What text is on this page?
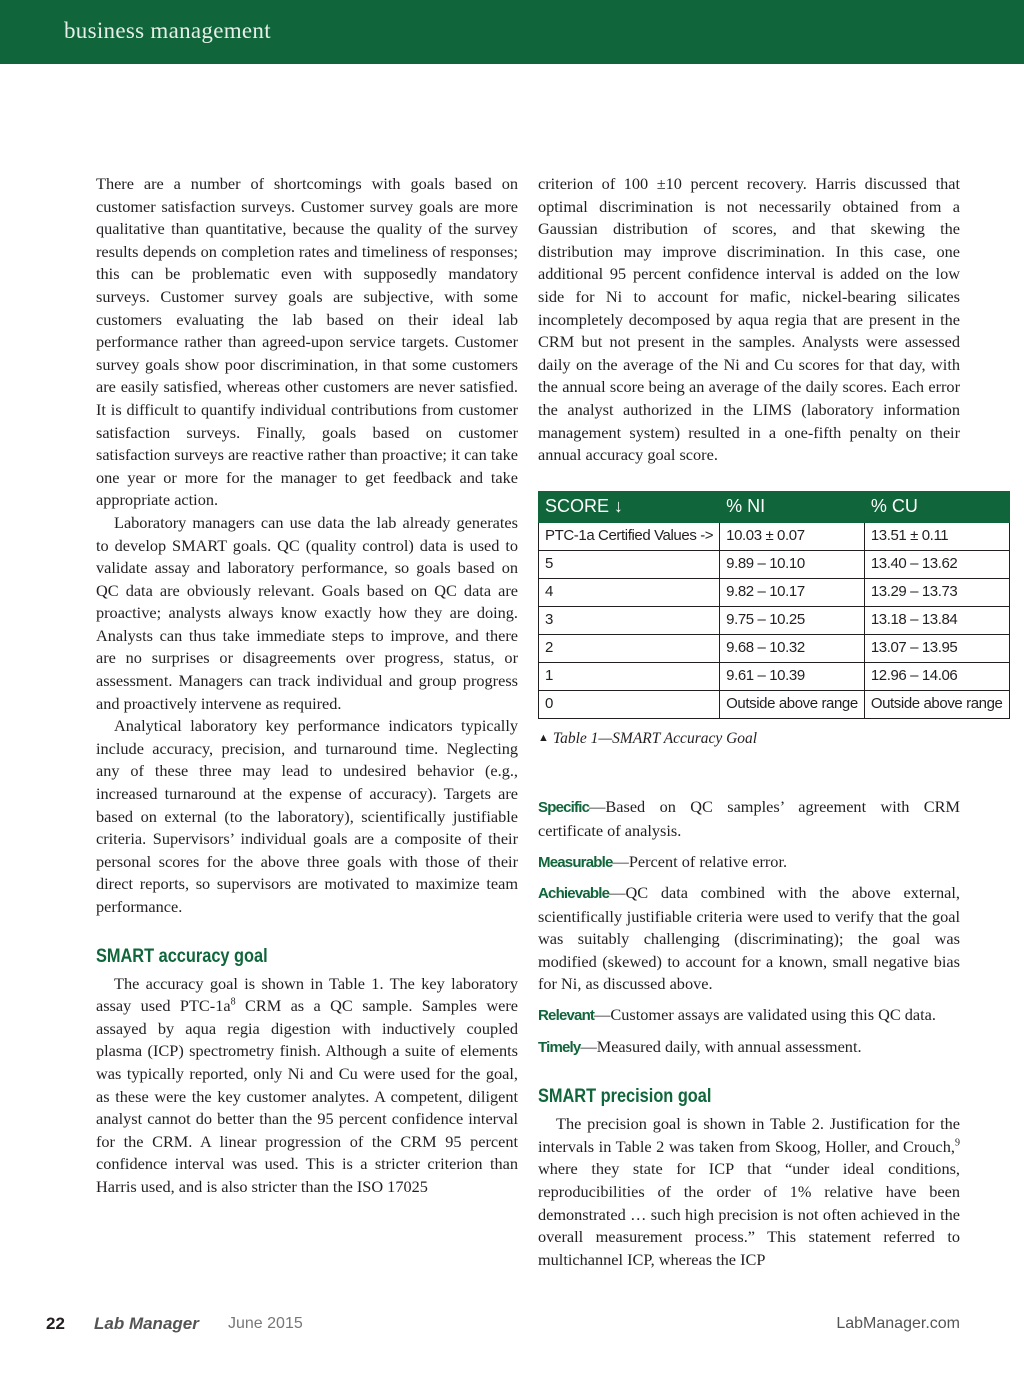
business management

There are a number of shortcomings with goals based on customer satisfaction surveys. Customer survey goals are more qualitative than quantitative, because the quality of the survey results depends on completion rates and timeliness of responses; this can be problematic even with supposedly mandatory surveys. Customer survey goals are subjective, with some customers evaluating the lab based on their ideal lab performance rather than agreed-upon service targets. Customer survey goals show poor discrimination, in that some customers are easily satisfied, whereas other customers are never satisfied. It is difficult to quantify individual contributions from customer satisfaction surveys. Finally, goals based on customer satisfaction surveys are reactive rather than proactive; it can take one year or more for the manager to get feedback and take appropriate action.

Laboratory managers can use data the lab already generates to develop SMART goals. QC (quality control) data is used to validate assay and laboratory performance, so goals based on QC data are obviously relevant. Goals based on QC data are proactive; analysts always know exactly how they are doing. Analysts can thus take immediate steps to improve, and there are no surprises or disagreements over progress, status, or assessment. Managers can track individual and group progress and proactively intervene as required.

Analytical laboratory key performance indicators typically include accuracy, precision, and turnaround time. Neglecting any of these three may lead to undesired behavior (e.g., increased turnaround at the expense of accuracy). Targets are based on external (to the laboratory), scientifically justifiable criteria. Supervisors’ individual goals are a composite of their personal scores for the above three goals with those of their direct reports, so supervisors are motivated to maximize team performance.

SMART accuracy goal

The accuracy goal is shown in Table 1. The key laboratory assay used PTC-$1a^8$ CRM as a QC sample. Samples were assayed by aqua regia digestion with inductively coupled plasma (ICP) spectrometry finish. Although a suite of elements was typically reported, only Ni and Cu were used for the goal, as these were the key customer analytes. A competent, diligent analyst cannot do better than the 95 percent confidence interval for the CRM. A linear progression of the CRM 95 percent confidence interval was used. This is a stricter criterion than Harris used, and is also stricter than the ISO 17025

criterion of 100 ±10 percent recovery. Harris discussed that optimal discrimination is not necessarily obtained from a Gaussian distribution of scores, and that skewing the distribution may improve discrimination. In this case, one additional 95 percent confidence interval is added on the low side for Ni to account for mafic, nickel-bearing silicates incompletely decomposed by aqua regia that are present in the CRM but not present in the samples. Analysts were assessed daily on the average of the Ni and Cu scores for that day, with the annual score being an average of the daily scores. Each error the analyst authorized in the LIMS (laboratory information management system) resulted in a one-fifth penalty on their annual accuracy goal score.

SCORE ↓	% NI	% CU
PTC-1a Certified Values ->	10.03 ± 0.07	13.51 ± 0.11
5	9.89 – 10.10	13.40 – 13.62
4	9.82 – 10.17	13.29 – 13.73
3	9.75 – 10.25	13.18 – 13.84
2	9.68 – 10.32	13.07 – 13.95
1	9.61 – 10.39	12.96 – 14.06
0	Outside above range	Outside above range
▲ Table 1—SMART Accuracy Goal

Specific—Based on QC samples’ agreement with CRM certificate of analysis.

Measurable—Percent of relative error.

Achievable—QC data combined with the above external, scientifically justifiable criteria were used to verify that the goal was suitably challenging (discriminating); the goal was modified (skewed) to account for a known, small negative bias for Ni, as discussed above.

Relevant—Customer assays are validated using this QC data.

Timely—Measured daily, with annual assessment.

SMART precision goal

The precision goal is shown in Table 2. Justification for the intervals in Table 2 was taken from Skoog, Holler, and Crouch,$^9$ where they state for ICP that “under ideal conditions, reproducibilities of the order of 1% relative have been demonstrated … such high precision is not often achieved in the overall measurement process.” This statement referred to multichannel ICP, whereas the ICP

22 Lab Manager June 2015	LabManager.com
